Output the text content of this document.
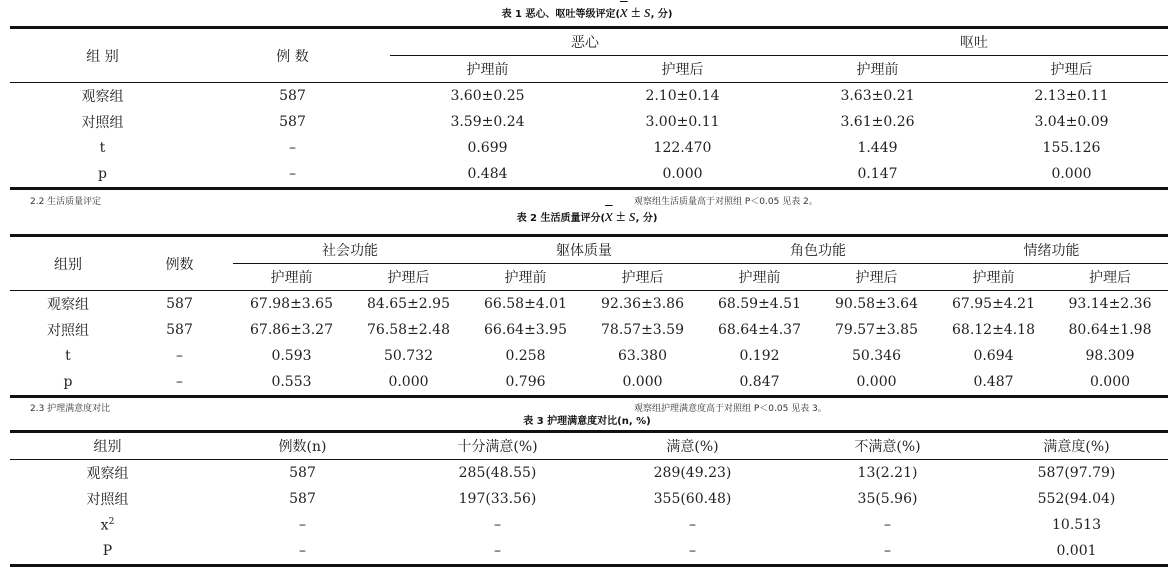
表 1 恶心、呕吐等级评定($\overline{x} \pm s$, 分)
组 别	例 数	恶心		呕吐	
		护理前	护理后	护理前	护理后
观察组	587	3.60±0.25	2.10±0.14	3.63±0.21	2.13±0.11
对照组	587	3.59±0.24	3.00±0.11	3.61±0.26	3.04±0.09
t	–	0.699	122.470	1.449	155.126
p	–	0.484	0.000	0.147	0.000
2.2 生活质量评定	观察组生活质量高于对照组 P＜0.05 见表 2。
表 2 生活质量评分($\overline{x} \pm s$, 分)
组别	例数	社会功能		躯体质量		角色功能		情绪功能	
		护理前	护理后	护理前	护理后	护理前	护理后	护理前	护理后
观察组	587	67.98±3.65	84.65±2.95	66.58±4.01	92.36±3.86	68.59±4.51	90.58±3.64	67.95±4.21	93.14±2.36
对照组	587	67.86±3.27	76.58±2.48	66.64±3.95	78.57±3.59	68.64±4.37	79.57±3.85	68.12±4.18	80.64±1.98
t	–	0.593	50.732	0.258	63.380	0.192	50.346	0.694	98.309
p	–	0.553	0.000	0.796	0.000	0.847	0.000	0.487	0.000
2.3 护理满意度对比	观察组护理满意度高于对照组 P＜0.05 见表 3。
表 3 护理满意度对比(n, %)
组别	例数(n)	十分满意(%)	满意(%)	不满意(%)	满意度(%)
观察组	587	285(48.55)	289(49.23)	13(2.21)	587(97.79)
对照组	587	197(33.56)	355(60.48)	35(5.96)	552(94.04)
$x^2$	–	–	–	–	10.513
P	–	–	–	–	0.001
